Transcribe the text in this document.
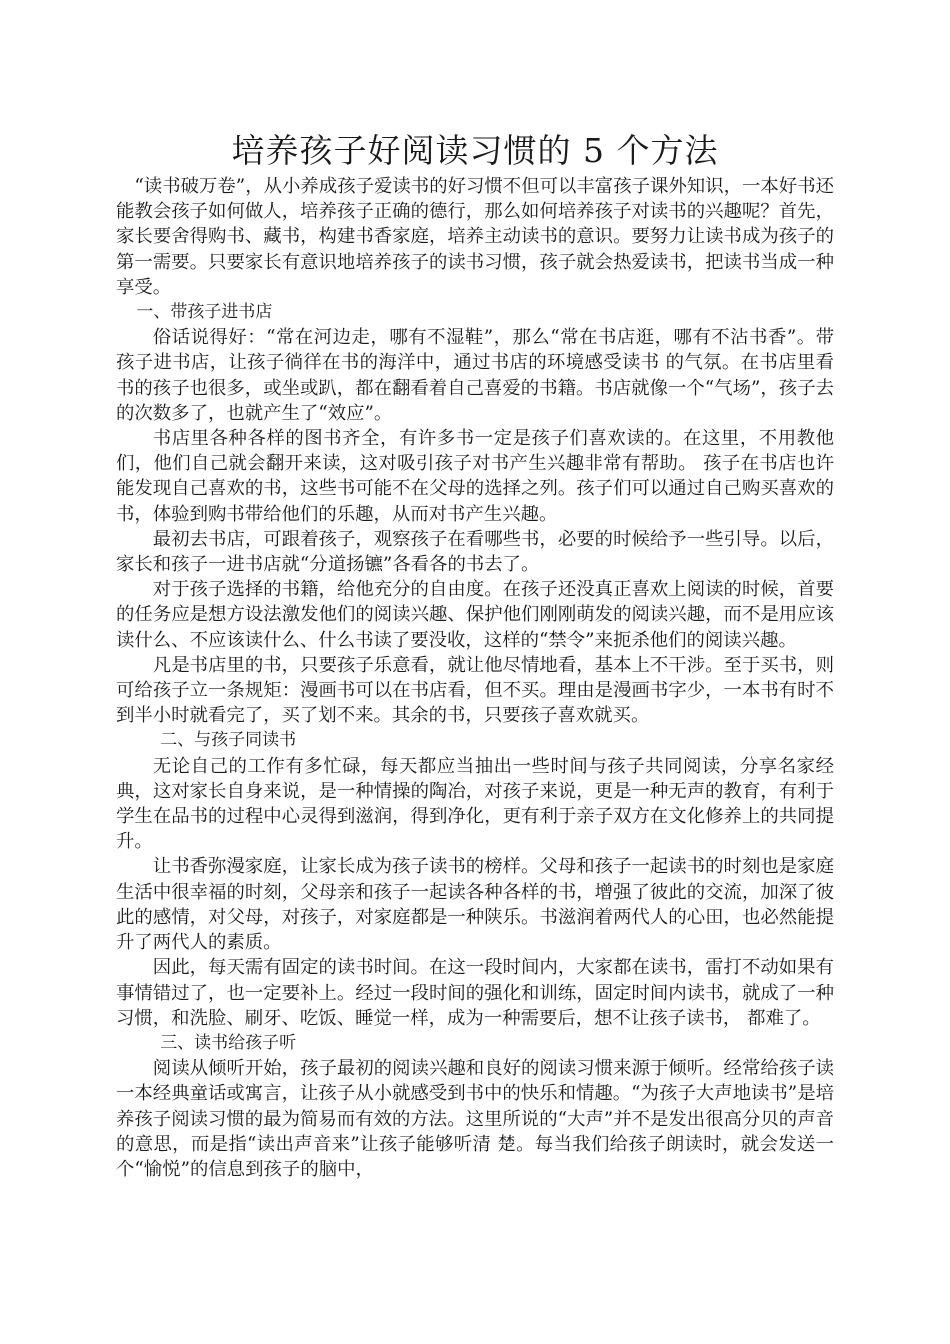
培养孩子好阅读习惯的 5 个方法

“读书破万卷”，从小养成孩子爱读书的好习惯不但可以丰富孩子课外知识，一本好书还能教会孩子如何做人，培养孩子正确的德行，那么如何培养孩子对读书的兴趣呢？首先，家长要舍得购书、藏书，构建书香家庭，培养主动读书的意识。要努力让读书成为孩子的第一需要。只要家长有意识地培养孩子的读书习惯，孩子就会热爱读书，把读书当成一种享受。

一、带孩子进书店

俗话说得好：“常在河边走，哪有不湿鞋”，那么“常在书店逛，哪有不沾书香”。带孩子进书店，让孩子徜徉在书的海洋中，通过书店的环境感受读书 的气氛。在书店里看书的孩子也很多，或坐或趴，都在翻看着自己喜爱的书籍。书店就像一个“气场”，孩子去的次数多了，也就产生了“效应”。

书店里各种各样的图书齐全，有许多书一定是孩子们喜欢读的。在这里，不用教他们，他们自己就会翻开来读，这对吸引孩子对书产生兴趣非常有帮助。 孩子在书店也许能发现自己喜欢的书，这些书可能不在父母的选择之列。孩子们可以通过自己购买喜欢的书，体验到购书带给他们的乐趣，从而对书产生兴趣。

最初去书店，可跟着孩子，观察孩子在看哪些书，必要的时候给予一些引导。以后，家长和孩子一进书店就“分道扬镳”各看各的书去了。

对于孩子选择的书籍，给他充分的自由度。在孩子还没真正喜欢上阅读的时候，首要的任务应是想方设法激发他们的阅读兴趣、保护他们刚刚萌发的阅读兴趣，而不是用应该读什么、不应该读什么、什么书读了要没收，这样的“禁令”来扼杀他们的阅读兴趣。

凡是书店里的书，只要孩子乐意看，就让他尽情地看，基本上不干涉。至于买书，则可给孩子立一条规矩：漫画书可以在书店看，但不买。理由是漫画书字少，一本书有时不到半小时就看完了，买了划不来。其余的书，只要孩子喜欢就买。

二、与孩子同读书

无论自己的工作有多忙碌，每天都应当抽出一些时间与孩子共同阅读，分享名家经典，这对家长自身来说，是一种情操的陶冶，对孩子来说，更是一种无声的教育，有利于学生在品书的过程中心灵得到滋润，得到净化，更有利于亲子双方在文化修养上的共同提升。

让书香弥漫家庭，让家长成为孩子读书的榜样。父母和孩子一起读书的时刻也是家庭生活中很幸福的时刻，父母亲和孩子一起读各种各样的书，增强了彼此的交流，加深了彼此的感情，对父母，对孩子，对家庭都是一种陕乐。书滋润着两代人的心田，也必然能提升了两代人的素质。

因此，每天需有固定的读书时间。在这一段时间内，大家都在读书，雷打不动如果有事情错过了，也一定要补上。经过一段时间的强化和训练，固定时间内读书，就成了一种习惯，和洗脸、刷牙、吃饭、睡觉一样，成为一种需要后，想不让孩子读书， 都难了。

三、读书给孩子听

阅读从倾听开始，孩子最初的阅读兴趣和良好的阅读习惯来源于倾听。经常给孩子读一本经典童话或寓言，让孩子从小就感受到书中的快乐和情趣。“为孩子大声地读书”是培养孩子阅读习惯的最为简易而有效的方法。这里所说的“大声”并不是发出很高分贝的声音的意思，而是指“读出声音来”让孩子能够听清 楚。每当我们给孩子朗读时，就会发送一个“愉悦”的信息到孩子的脑中，
